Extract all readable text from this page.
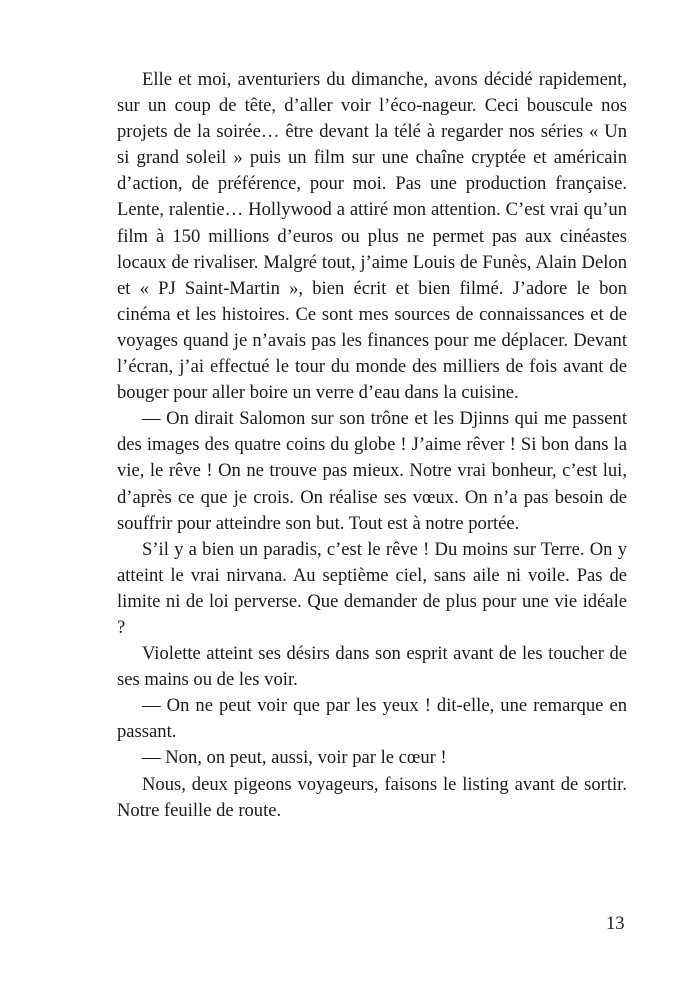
Elle et moi, aventuriers du dimanche, avons décidé rapidement, sur un coup de tête, d’aller voir l’éco-nageur. Ceci bouscule nos projets de la soirée… être devant la télé à regarder nos séries « Un si grand soleil » puis un film sur une chaîne cryptée et américain d’action, de préférence, pour moi. Pas une production française. Lente, ralentie… Hollywood a attiré mon attention. C’est vrai qu’un film à 150 millions d’euros ou plus ne permet pas aux cinéastes locaux de rivaliser. Malgré tout, j’aime Louis de Funès, Alain Delon et « PJ Saint-Martin », bien écrit et bien filmé. J’adore le bon cinéma et les histoires. Ce sont mes sources de connaissances et de voyages quand je n’avais pas les finances pour me déplacer. Devant l’écran, j’ai effectué le tour du monde des milliers de fois avant de bouger pour aller boire un verre d’eau dans la cuisine.

— On dirait Salomon sur son trône et les Djinns qui me passent des images des quatre coins du globe ! J’aime rêver ! Si bon dans la vie, le rêve ! On ne trouve pas mieux. Notre vrai bonheur, c’est lui, d’après ce que je crois. On réalise ses vœux. On n’a pas besoin de souffrir pour atteindre son but. Tout est à notre portée.

S’il y a bien un paradis, c’est le rêve ! Du moins sur Terre. On y atteint le vrai nirvana. Au septième ciel, sans aile ni voile. Pas de limite ni de loi perverse. Que demander de plus pour une vie idéale ?

Violette atteint ses désirs dans son esprit avant de les toucher de ses mains ou de les voir.

— On ne peut voir que par les yeux ! dit-elle, une remarque en passant.

— Non, on peut, aussi, voir par le cœur !

Nous, deux pigeons voyageurs, faisons le listing avant de sortir. Notre feuille de route.

13
